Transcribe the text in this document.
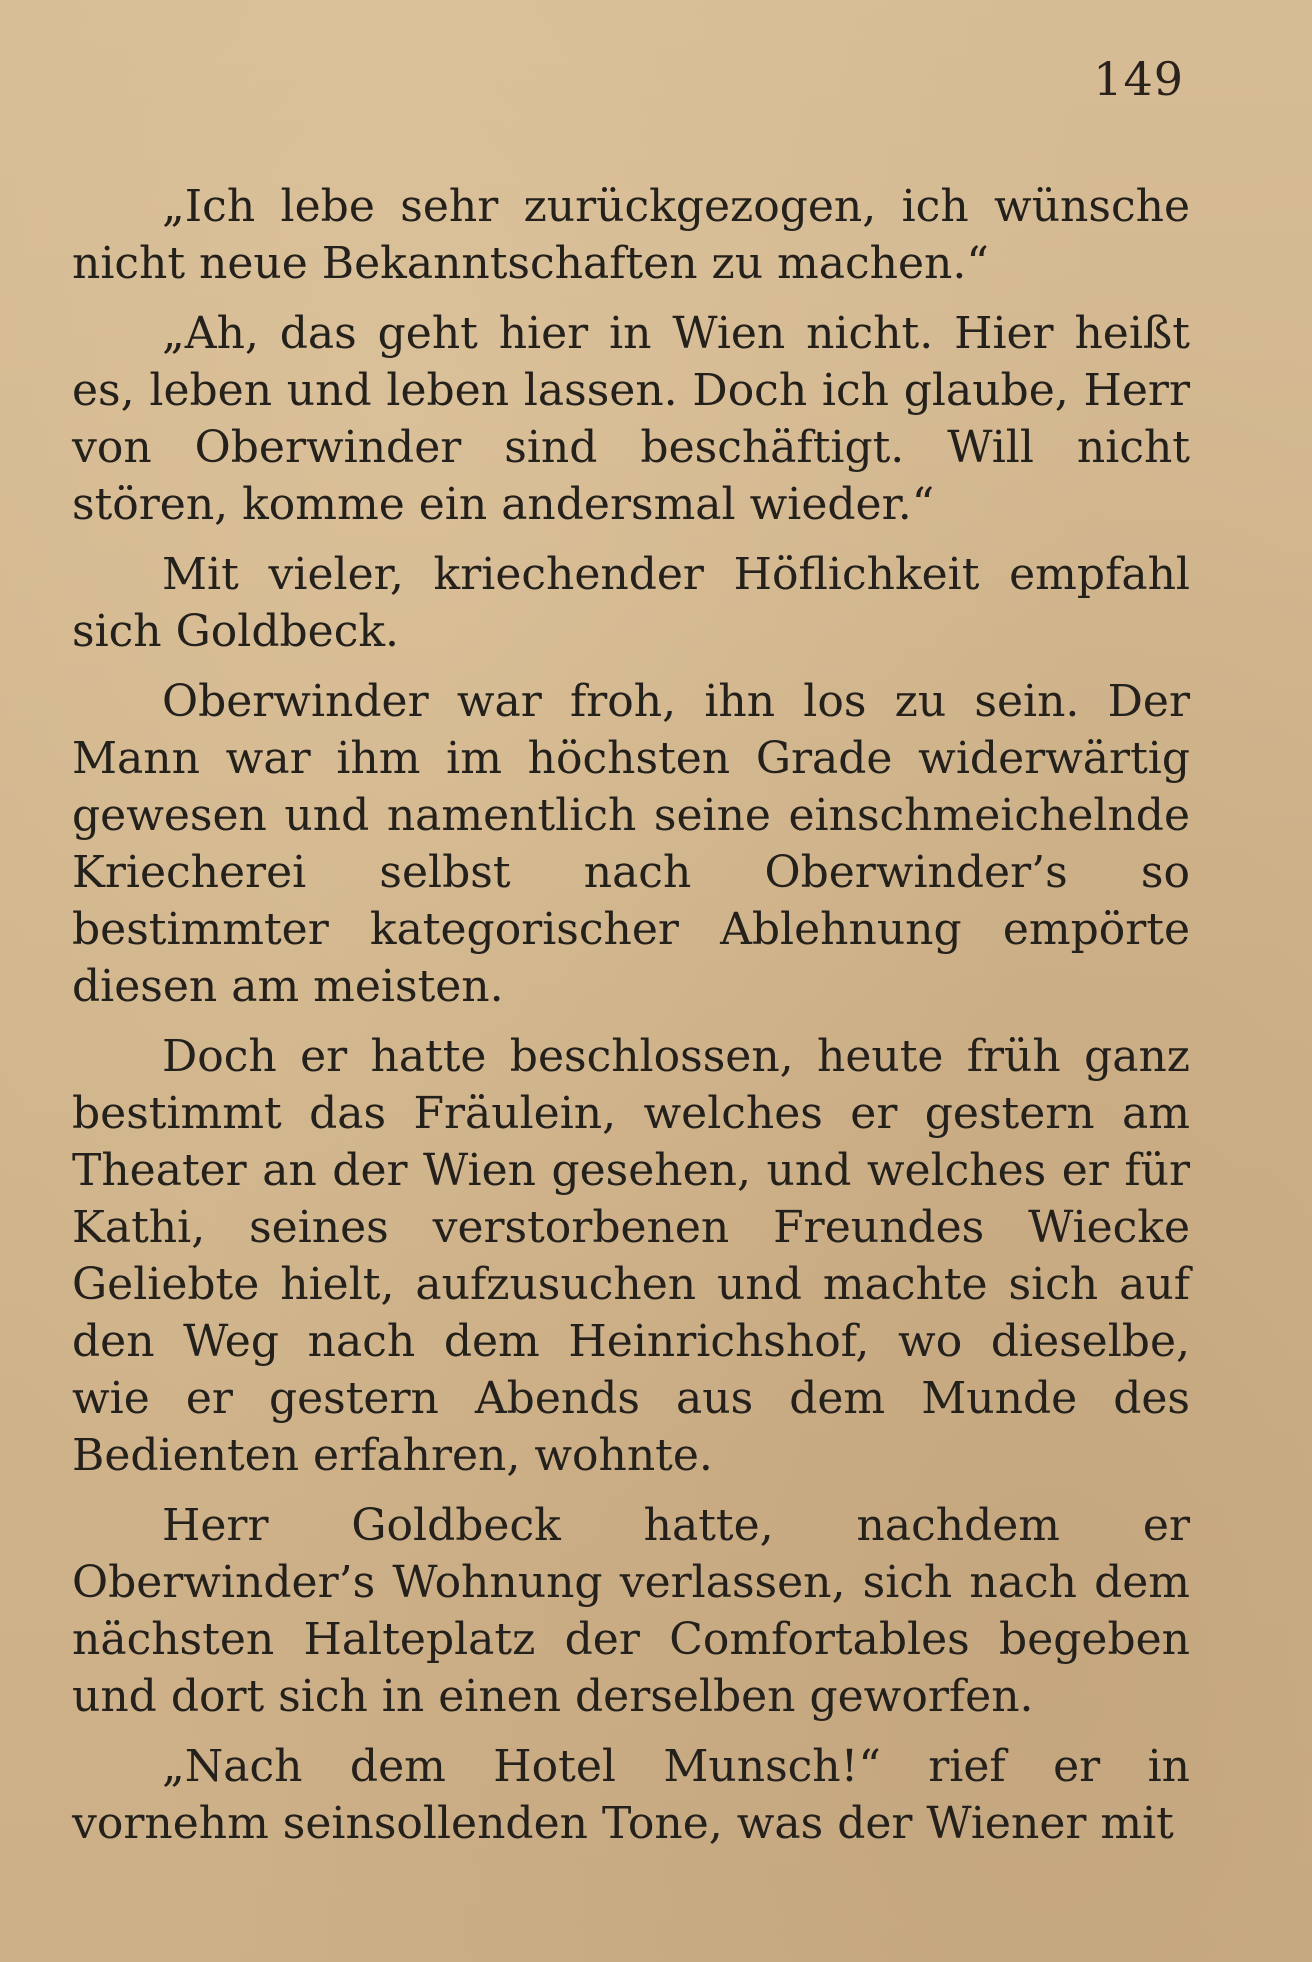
149

„Ich lebe sehr zurückgezogen, ich wünsche nicht neue Bekanntschaften zu machen.“

„Ah, das geht hier in Wien nicht. Hier heißt es, leben und leben lassen. Doch ich glaube, Herr von Oberwinder sind beschäftigt. Will nicht stören, komme ein andersmal wieder.“

Mit vieler, kriechender Höflichkeit empfahl sich Goldbeck.

Oberwinder war froh, ihn los zu sein. Der Mann war ihm im höchsten Grade widerwärtig gewesen und namentlich seine einschmeichelnde Kriecherei selbst nach Oberwinder’s so bestimmter kategorischer Ablehnung empörte diesen am meisten.

Doch er hatte beschlossen, heute früh ganz bestimmt das Fräulein, welches er gestern am Theater an der Wien gesehen, und welches er für Kathi, seines verstorbenen Freundes Wiecke Geliebte hielt, aufzusuchen und machte sich auf den Weg nach dem Heinrichshof, wo dieselbe, wie er gestern Abends aus dem Munde des Bedienten erfahren, wohnte.

Herr Goldbeck hatte, nachdem er Oberwinder’s Wohnung verlassen, sich nach dem nächsten Halteplatz der Comfortables begeben und dort sich in einen derselben geworfen.

„Nach dem Hotel Munsch!“ rief er in vornehm seinsollenden Tone, was der Wiener mit
